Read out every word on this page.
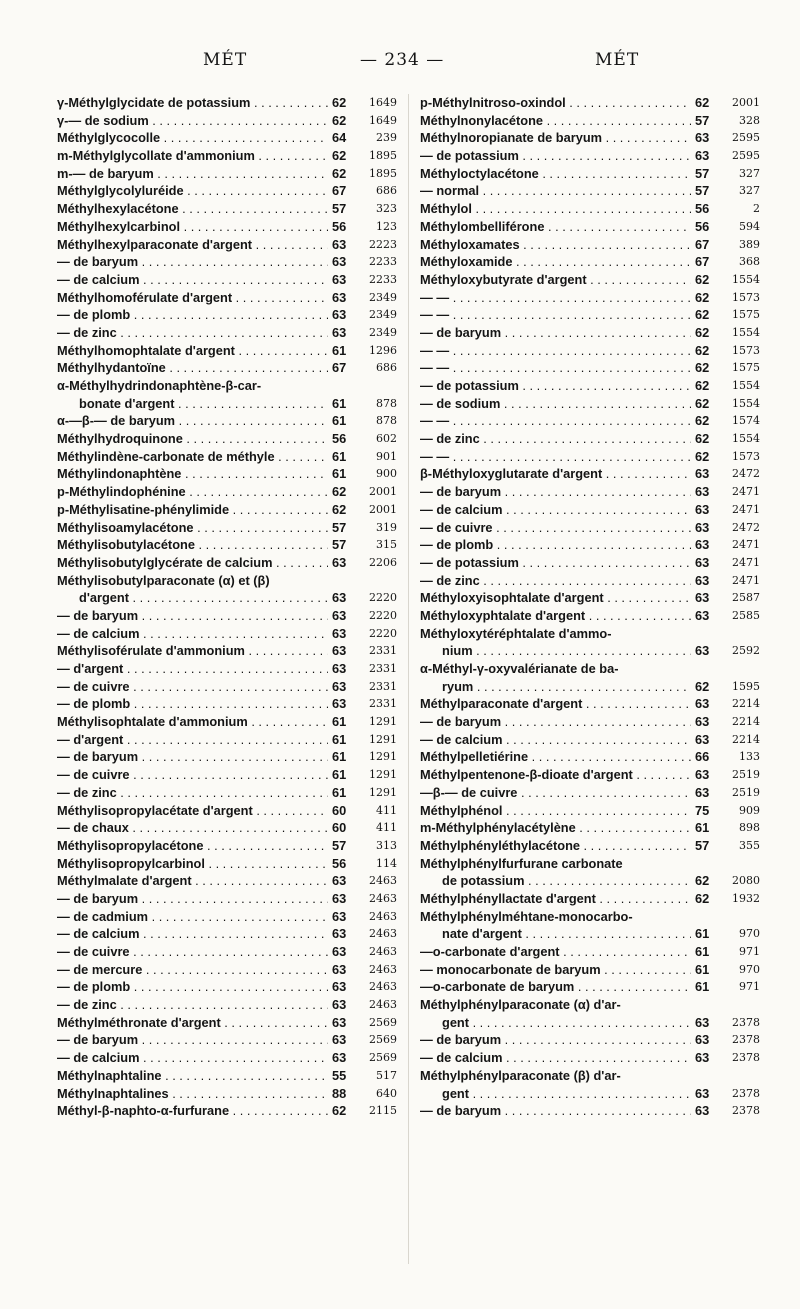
MÉT	— 234 —	MÉT
γ-Méthylglycidate de potassium . . .	62	1649
γ-— de sodium . . .	62	1649
Méthylglycocolle . . .	64	239
m-Méthylglycollate d'ammonium . . .	62	1895
m-— de baryum . . .	62	1895
Méthylglycolyluréide . . .	67	686
Méthylhexylacétone . . .	57	323
Méthylhexylcarbinol . . .	56	123
Méthylhexylparaconate d'argent . . .	63	2223
— de baryum . . .	63	2233
— de calcium . . .	63	2233
Méthylhomoférulate d'argent . . .	63	2349
— de plomb . . .	63	2349
— de zinc . . .	63	2349
Méthylhomophtalate d'argent . . .	61	1296
Méthylhydantoïne . . .	67	686
α-Méthylhydrindonaphtène-β-car-
bonate d'argent . . .	61	878
α-—β-— de baryum . . .	61	878
Méthylhydroquinone . . .	56	602
Méthylindène-carbonate de méthyle . . .	61	901
Méthylindonaphtène . . .	61	900
p-Méthylindophénine . . .	62	2001
p-Méthylisatine-phénylimide . . .	62	2001
Méthylisoamylacétone . . .	57	319
Méthylisobutylacétone . . .	57	315
Méthylisobutylglycérate de calcium . . .	63	2206
Méthylisobutylparaconate (α) et (β)
d'argent . . .	63	2220
— de baryum . . .	63	2220
— de calcium . . .	63	2220
Méthylisoférulate d'ammonium . . .	63	2331
— d'argent . . .	63	2331
— de cuivre . . .	63	2331
— de plomb . . .	63	2331
Méthylisophtalate d'ammonium . . .	61	1291
— d'argent . . .	61	1291
— de baryum . . .	61	1291
— de cuivre . . .	61	1291
— de zinc . . .	61	1291
Méthylisopropylacétate d'argent . . .	60	411
— de chaux . . .	60	411
Méthylisopropylacétone . . .	57	313
Méthylisopropylcarbinol . . .	56	114
Méthylmalate d'argent . . .	63	2463
— de baryum . . .	63	2463
— de cadmium . . .	63	2463
— de calcium . . .	63	2463
— de cuivre . . .	63	2463
— de mercure . . .	63	2463
— de plomb . . .	63	2463
— de zinc . . .	63	2463
Méthylméthronate d'argent . . .	63	2569
— de baryum . . .	63	2569
— de calcium . . .	63	2569
Méthylnaphtaline . . .	55	517
Méthylnaphtalines . . .	88	640
Méthyl-β-naphto-α-furfurane . . .	62	2115
p-Méthylnitroso-oxindol . . .	62	2001
Méthylnonylacétone . . .	57	328
Méthylnoropianate de baryum . . .	63	2595
— de potassium . . .	63	2595
Méthyloctylacétone . . .	57	327
— normal . . .	57	327
Méthylol . . .	56	2
Méthylombelliférone . . .	56	594
Méthyloxamates . . .	67	389
Méthyloxamide . . .	67	368
Méthyloxybutyrate d'argent . . .	62	1554
— — . . .	62	1573
— — . . .	62	1575
— de baryum . . .	62	1554
— — . . .	62	1573
— — . . .	62	1575
— de potassium . . .	62	1554
— de sodium . . .	62	1554
— — . . .	62	1574
— de zinc . . .	62	1554
— — . . .	62	1573
β-Méthyloxyglutarate d'argent . . .	63	2472
— de baryum . . .	63	2471
— de calcium . . .	63	2471
— de cuivre . . .	63	2472
— de plomb . . .	63	2471
— de potassium . . .	63	2471
— de zinc . . .	63	2471
Méthyloxyisophtalate d'argent . . .	63	2587
Méthyloxyphtalate d'argent . . .	63	2585
Méthyloxytéréphtalate d'ammo-
nium . . .	63	2592
α-Méthyl-γ-oxyvalérianate de ba-
ryum . . .	62	1595
Méthylparaconate d'argent . . .	63	2214
— de baryum . . .	63	2214
— de calcium . . .	63	2214
Méthylpelletiérine . . .	66	133
Méthylpentenone-β-dioate d'argent . . .	63	2519
—β-— de cuivre . . .	63	2519
Méthylphénol . . .	75	909
m-Méthylphénylacétylène . . .	61	898
Méthylphényléthylacétone . . .	57	355
Méthylphénylfurfurane carbonate
de potassium . . .	62	2080
Méthylphényllactate d'argent . . .	62	1932
Méthylphénylméhtane-monocarbo-
nate d'argent . . .	61	970
—o-carbonate d'argent . . .	61	971
— monocarbonate de baryum . . .	61	970
—o-carbonate de baryum . . .	61	971
Méthylphénylparaconate (α) d'ar-
gent . . .	63	2378
— de baryum . . .	63	2378
— de calcium . . .	63	2378
Méthylphénylparaconate (β) d'ar-
gent . . .	63	2378
— de baryum . . .	63	2378
